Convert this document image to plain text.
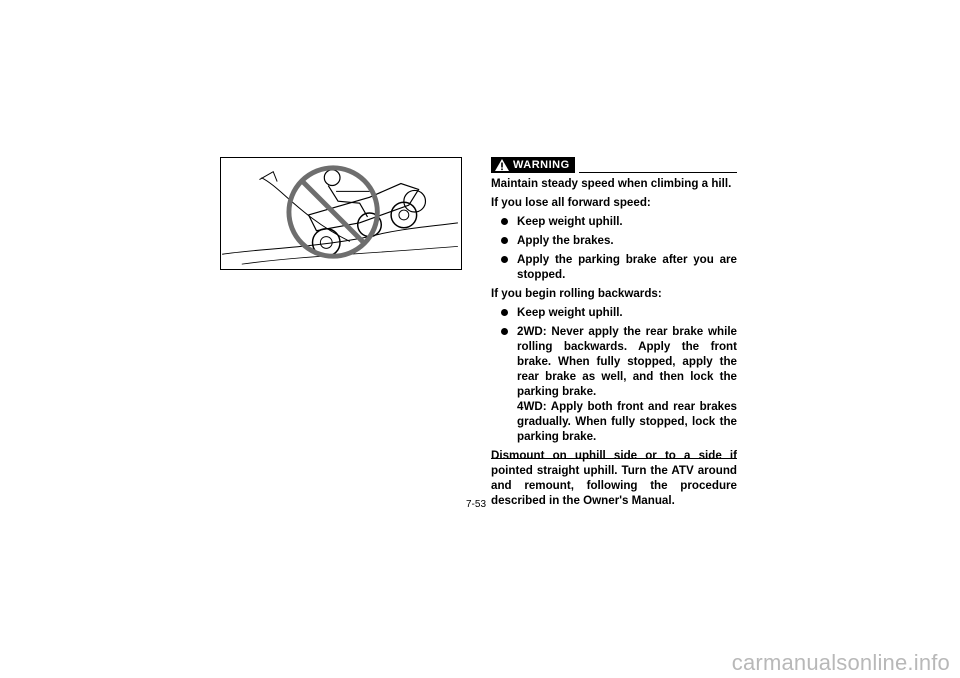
WARNING

Maintain steady speed when climbing a hill.

If you lose all forward speed:

Keep weight uphill.
Apply the brakes.
Apply the parking brake after you are stopped.

If you begin rolling backwards:

Keep weight uphill.
2WD: Never apply the rear brake while rolling backwards. Apply the front brake. When fully stopped, apply the rear brake as well, and then lock the parking brake.
4WD: Apply both front and rear brakes gradually. When fully stopped, lock the parking brake.

Dismount on uphill side or to a side if pointed straight uphill. Turn the ATV around and remount, following the procedure described in the Owner's Manual.

7-53
carmanualsonline.info
